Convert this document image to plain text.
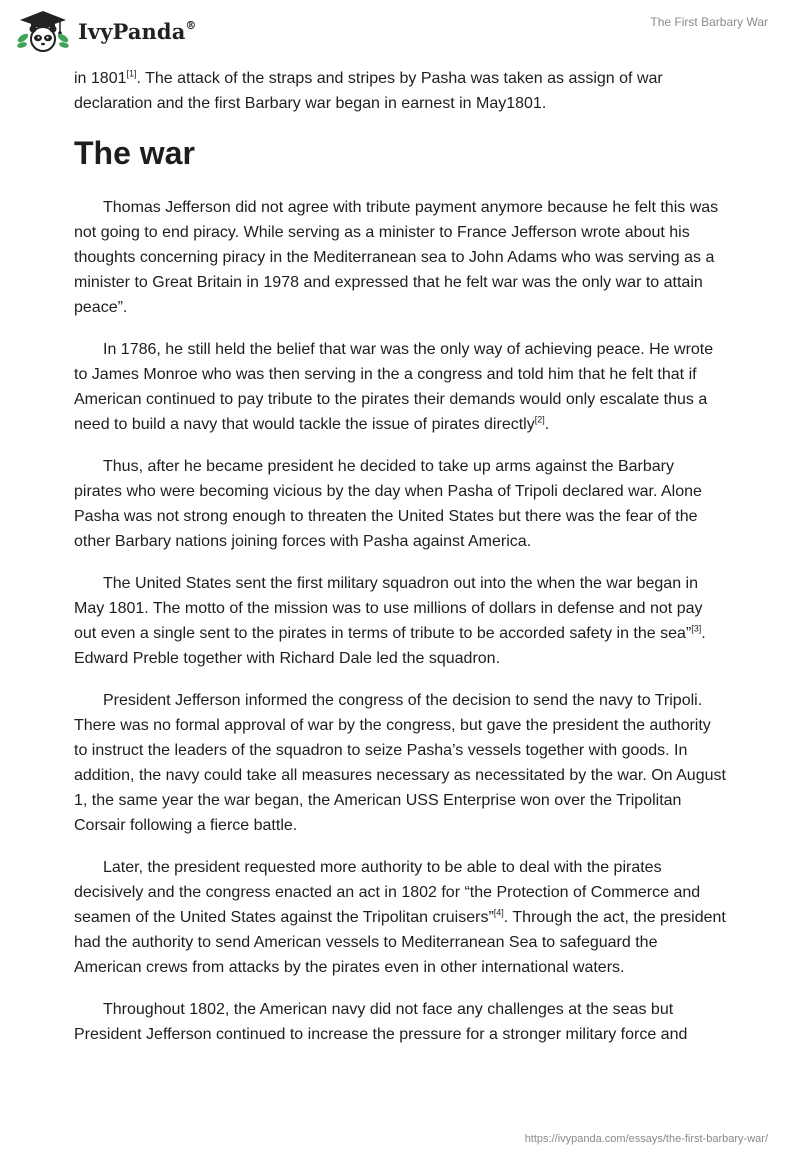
IvyPanda®	The First Barbary War

in 1801[1]. The attack of the straps and stripes by Pasha was taken as assign of war declaration and the first Barbary war began in earnest in May1801.

The war

Thomas Jefferson did not agree with tribute payment anymore because he felt this was not going to end piracy. While serving as a minister to France Jefferson wrote about his thoughts concerning piracy in the Mediterranean sea to John Adams who was serving as a minister to Great Britain in 1978 and expressed that he felt war was the only war to attain peace”.

In 1786, he still held the belief that war was the only way of achieving peace. He wrote to James Monroe who was then serving in the a congress and told him that he felt that if American continued to pay tribute to the pirates their demands would only escalate thus a need to build a navy that would tackle the issue of pirates directly[2].

Thus, after he became president he decided to take up arms against the Barbary pirates who were becoming vicious by the day when Pasha of Tripoli declared war. Alone Pasha was not strong enough to threaten the United States but there was the fear of the other Barbary nations joining forces with Pasha against America.

The United States sent the first military squadron out into the when the war began in May 1801. The motto of the mission was to use millions of dollars in defense and not pay out even a single sent to the pirates in terms of tribute to be accorded safety in the sea”[3]. Edward Preble together with Richard Dale led the squadron.

President Jefferson informed the congress of the decision to send the navy to Tripoli. There was no formal approval of war by the congress, but gave the president the authority to instruct the leaders of the squadron to seize Pasha’s vessels together with goods. In addition, the navy could take all measures necessary as necessitated by the war. On August 1, the same year the war began, the American USS Enterprise won over the Tripolitan Corsair following a fierce battle.

Later, the president requested more authority to be able to deal with the pirates decisively and the congress enacted an act in 1802 for “the Protection of Commerce and seamen of the United States against the Tripolitan cruisers”[4]. Through the act, the president had the authority to send American vessels to Mediterranean Sea to safeguard the American crews from attacks by the pirates even in other international waters.

Throughout 1802, the American navy did not face any challenges at the seas but President Jefferson continued to increase the pressure for a stronger military force and

https://ivypanda.com/essays/the-first-barbary-war/
